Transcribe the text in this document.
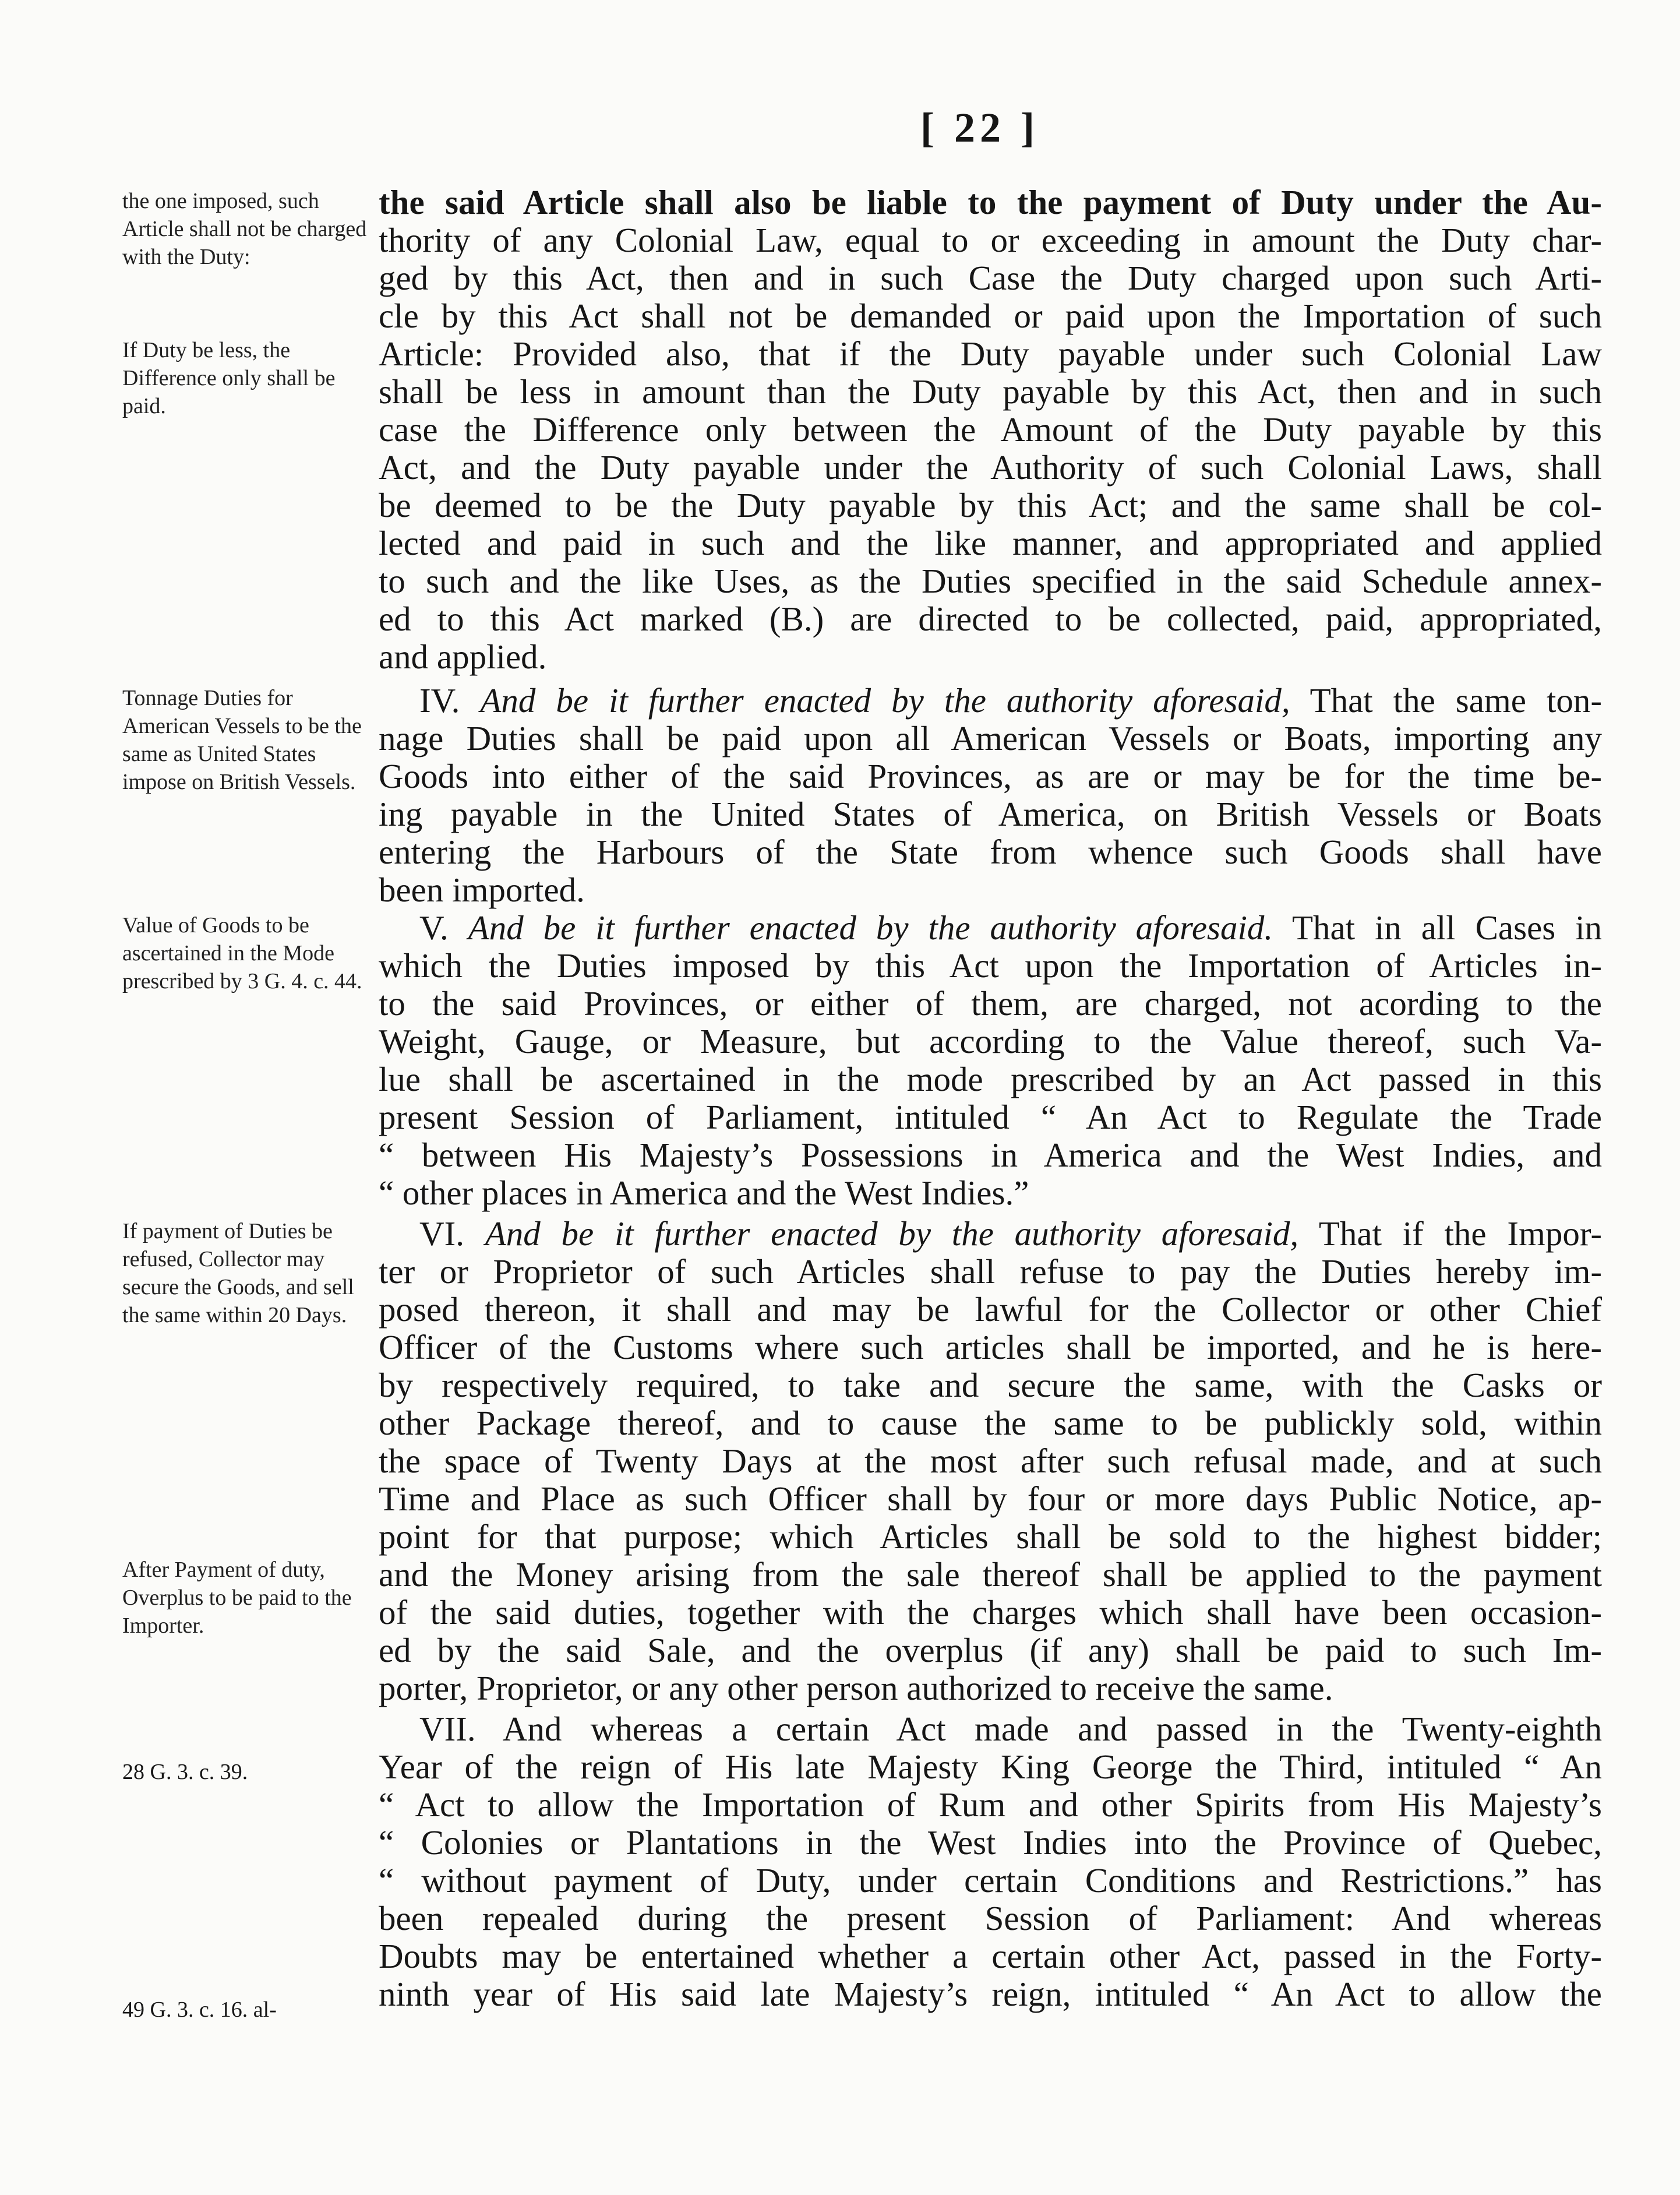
[ 22 ]
the one imposed, such Article shall not be charged with the Duty:
If Duty be less, the Difference only shall be paid.
the said Article shall also be liable to the payment of Duty under the Au-
thority of any Colonial Law, equal to or exceeding in amount the Duty char-
ged by this Act, then and in such Case the Duty charged upon such Arti-
cle by this Act shall not be demanded or paid upon the Importation of such
Article: Provided also, that if the Duty payable under such Colonial Law
shall be less in amount than the Duty payable by this Act, then and in such
case the Difference only between the Amount of the Duty payable by this
Act, and the Duty payable under the Authority of such Colonial Laws, shall
be deemed to be the Duty payable by this Act; and the same shall be col-
lected and paid in such and the like manner, and appropriated and applied
to such and the like Uses, as the Duties specified in the said Schedule annex-
ed to this Act marked (B.) are directed to be collected, paid, appropriated,
and applied.
Tonnage Duties for American Vessels to be the same as United States impose on British Vessels.
IV. And be it further enacted by the authority aforesaid, That the same ton-
nage Duties shall be paid upon all American Vessels or Boats, importing any
Goods into either of the said Provinces, as are or may be for the time be-
ing payable in the United States of America, on British Vessels or Boats
entering the Harbours of the State from whence such Goods shall have
been imported.
Value of Goods to be ascertained in the Mode prescribed by 3 G. 4. c. 44.
V. And be it further enacted by the authority aforesaid. That in all Cases in
which the Duties imposed by this Act upon the Importation of Articles in-
to the said Provinces, or either of them, are charged, not acording to the
Weight, Gauge, or Measure, but according to the Value thereof, such Va-
lue shall be ascertained in the mode prescribed by an Act passed in this
present Session of Parliament, intituled “ An Act to Regulate the Trade
“ between His Majesty’s Possessions in America and the West Indies, and
“ other places in America and the West Indies.”
If payment of Duties be refused, Collector may secure the Goods, and sell the same within 20 Days.
After Payment of duty, Overplus to be paid to the Importer.
VI. And be it further enacted by the authority aforesaid, That if the Impor-
ter or Proprietor of such Articles shall refuse to pay the Duties hereby im-
posed thereon, it shall and may be lawful for the Collector or other Chief
Officer of the Customs where such articles shall be imported, and he is here-
by respectively required, to take and secure the same, with the Casks or
other Package thereof, and to cause the same to be publickly sold, within
the space of Twenty Days at the most after such refusal made, and at such
Time and Place as such Officer shall by four or more days Public Notice, ap-
point for that purpose; which Articles shall be sold to the highest bidder;
and the Money arising from the sale thereof shall be applied to the payment
of the said duties, together with the charges which shall have been occasion-
ed by the said Sale, and the overplus (if any) shall be paid to such Im-
porter, Proprietor, or any other person authorized to receive the same.
28 G. 3. c. 39.
49 G. 3. c. 16. al-
VII. And whereas a certain Act made and passed in the Twenty-eighth
Year of the reign of His late Majesty King George the Third, intituled “ An
“ Act to allow the Importation of Rum and other Spirits from His Majesty’s
“ Colonies or Plantations in the West Indies into the Province of Quebec,
“ without payment of Duty, under certain Conditions and Restrictions.” has
been repealed during the present Session of Parliament: And whereas
Doubts may be entertained whether a certain other Act, passed in the Forty-
ninth year of His said late Majesty’s reign, intituled “ An Act to allow the
